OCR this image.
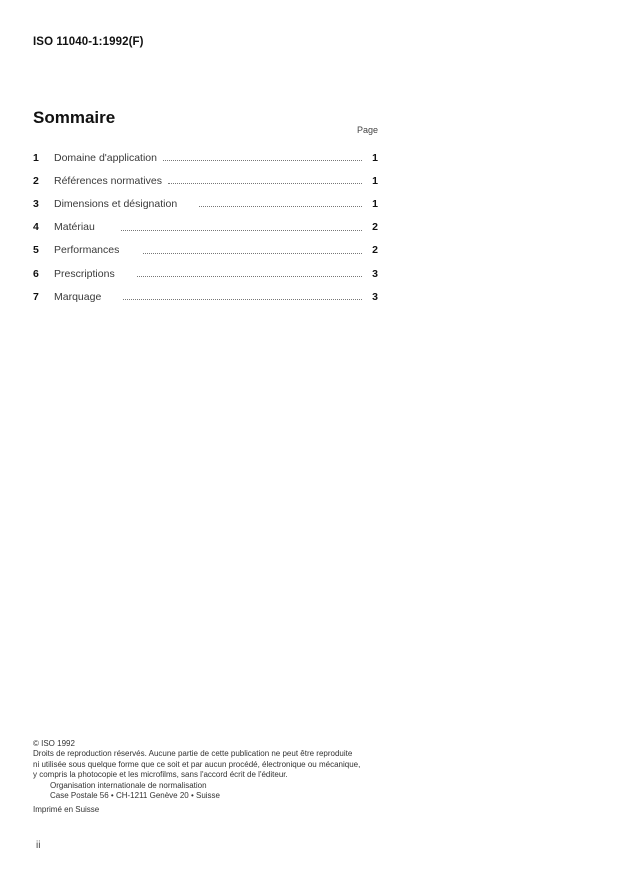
ISO 11040-1:1992(F)
Sommaire
Page
1	Domaine d'application	1
2	Références normatives	1
3	Dimensions et désignation	1
4	Matériau	2
5	Performances	2
6	Prescriptions	3
7	Marquage	3
© ISO 1992
Droits de reproduction réservés. Aucune partie de cette publication ne peut être reproduite
ni utilisée sous quelque forme que ce soit et par aucun procédé, électronique ou mécanique,
y compris la photocopie et les microfilms, sans l'accord écrit de l'éditeur.
Organisation internationale de normalisation
Case Postale 56 • CH-1211 Genève 20 • Suisse
Imprimé en Suisse
ii
